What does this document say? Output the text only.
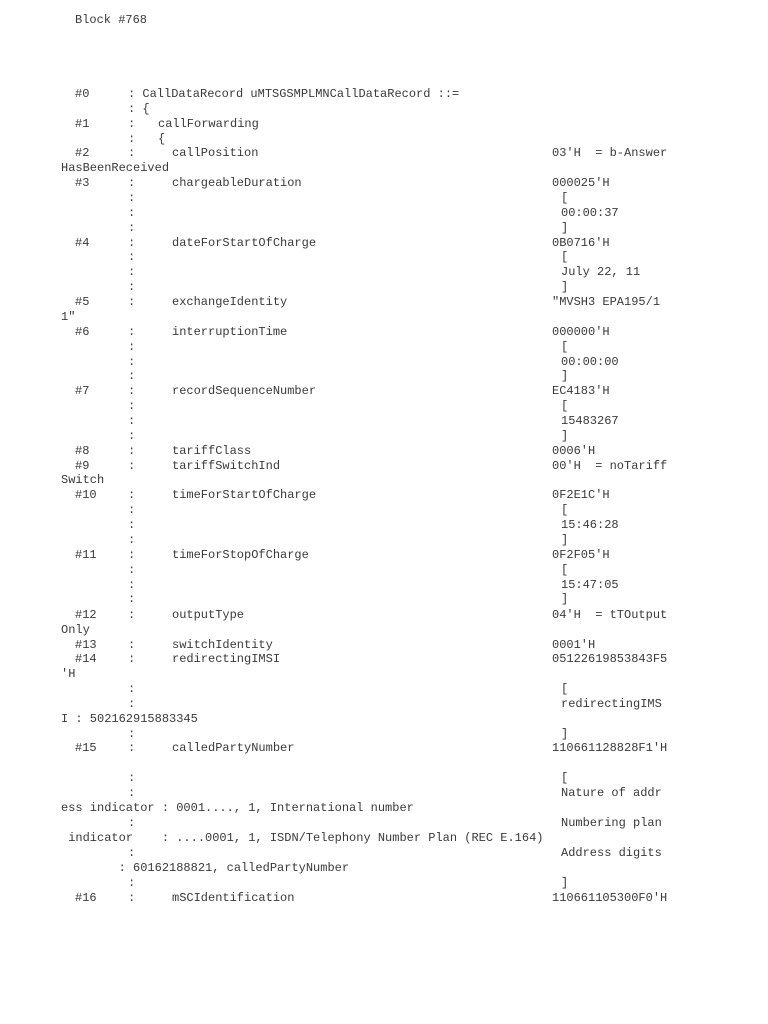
Block #768

#0	: CallDataRecord uMTSGSMPLMNCallDataRecord ::=
: {
#1	: callForwarding
: {
#2	:	callPosition	03'H  = b-Answer
HasBeenReceived
#3	:	chargeableDuration	000025'H
:	[
:	00:00:37
:	]
#4	:	dateForStartOfCharge	0B0716'H
:	[
:	July 22, 11
:	]
#5	:	exchangeIdentity	"MVSH3 EPA195/1
1"
#6	:	interruptionTime	000000'H
:	[
:	00:00:00
:	]
#7	:	recordSequenceNumber	EC4183'H
:	[
:	15483267
:	]
#8	:	tariffClass	0006'H
#9	:	tariffSwitchInd	00'H  = noTariff
Switch
#10	:	timeForStartOfCharge	0F2E1C'H
:	[
:	15:46:28
:	]
#11	:	timeForStopOfCharge	0F2F05'H
:	[
:	15:47:05
:	]
#12	:	outputType	04'H  = tTOutput
Only
#13	:	switchIdentity	0001'H
#14	:	redirectingIMSI	05122619853843F5
'H
:	[
:	redirectingIMS
I : 502162915883345
:	]
#15	:	calledPartyNumber	110661128828F1'H
:	[
:	Nature of addr
ess indicator : 0001...., 1, International number
:	Numbering plan
indicator    : ....0001, 1, ISDN/Telephony Number Plan (REC E.164)
:	Address digits
: 60162188821, calledPartyNumber
:	]
#16	:	mSCIdentification	110661105300F0'H
